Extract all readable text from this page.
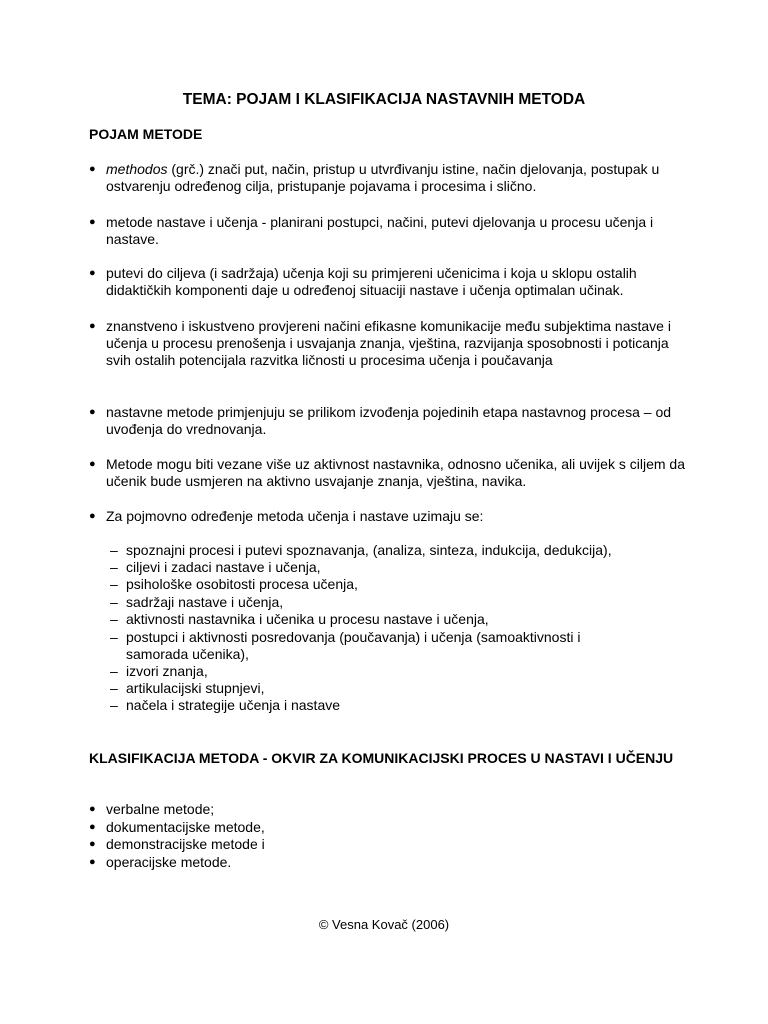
TEMA: POJAM I KLASIFIKACIJA NASTAVNIH METODA
POJAM METODE
● methodos (grč.) znači put, način, pristup u utvrđivanju istine, način djelovanja, postupak u ostvarenju određenog cilja, pristupanje pojavama i procesima i slično.
● metode nastave i učenja - planirani postupci, načini, putevi djelovanja u procesu učenja i nastave.
● putevi do ciljeva (i sadržaja) učenja koji su primjereni učenicima i koja u sklopu ostalih didaktičkih komponenti daje u određenoj situaciji nastave i učenja optimalan učinak.
● znanstveno i iskustveno provjereni načini efikasne komunikacije među subjektima nastave i učenja u procesu prenošenja i usvajanja znanja, vještina, razvijanja sposobnosti i poticanja svih ostalih potencijala razvitka ličnosti u procesima učenja i poučavanja
● nastavne metode primjenjuju se prilikom izvođenja pojedinih etapa nastavnog procesa – od uvođenja do vrednovanja.
● Metode mogu biti vezane više uz aktivnost nastavnika, odnosno učenika, ali uvijek s ciljem da učenik bude usmjeren na aktivno usvajanje znanja, vještina, navika.
● Za pojmovno određenje metoda učenja i nastave uzimaju se:
– spoznajni procesi i putevi spoznavanja, (analiza, sinteza, indukcija, dedukcija),
– ciljevi i zadaci nastave i učenja,
– psihološke osobitosti procesa učenja,
– sadržaji nastave i učenja,
– aktivnosti nastavnika i učenika u procesu nastave i učenja,
– postupci i aktivnosti posredovanja (poučavanja) i učenja (samoaktivnosti i samorada učenika),
– izvori znanja,
– artikulacijski stupnjevi,
– načela i strategije učenja i nastave
KLASIFIKACIJA METODA - OKVIR ZA KOMUNIKACIJSKI PROCES U NASTAVI I UČENJU
● verbalne metode;
● dokumentacijske metode,
● demonstracijske metode i
● operacijske metode.
© Vesna Kovač (2006)
